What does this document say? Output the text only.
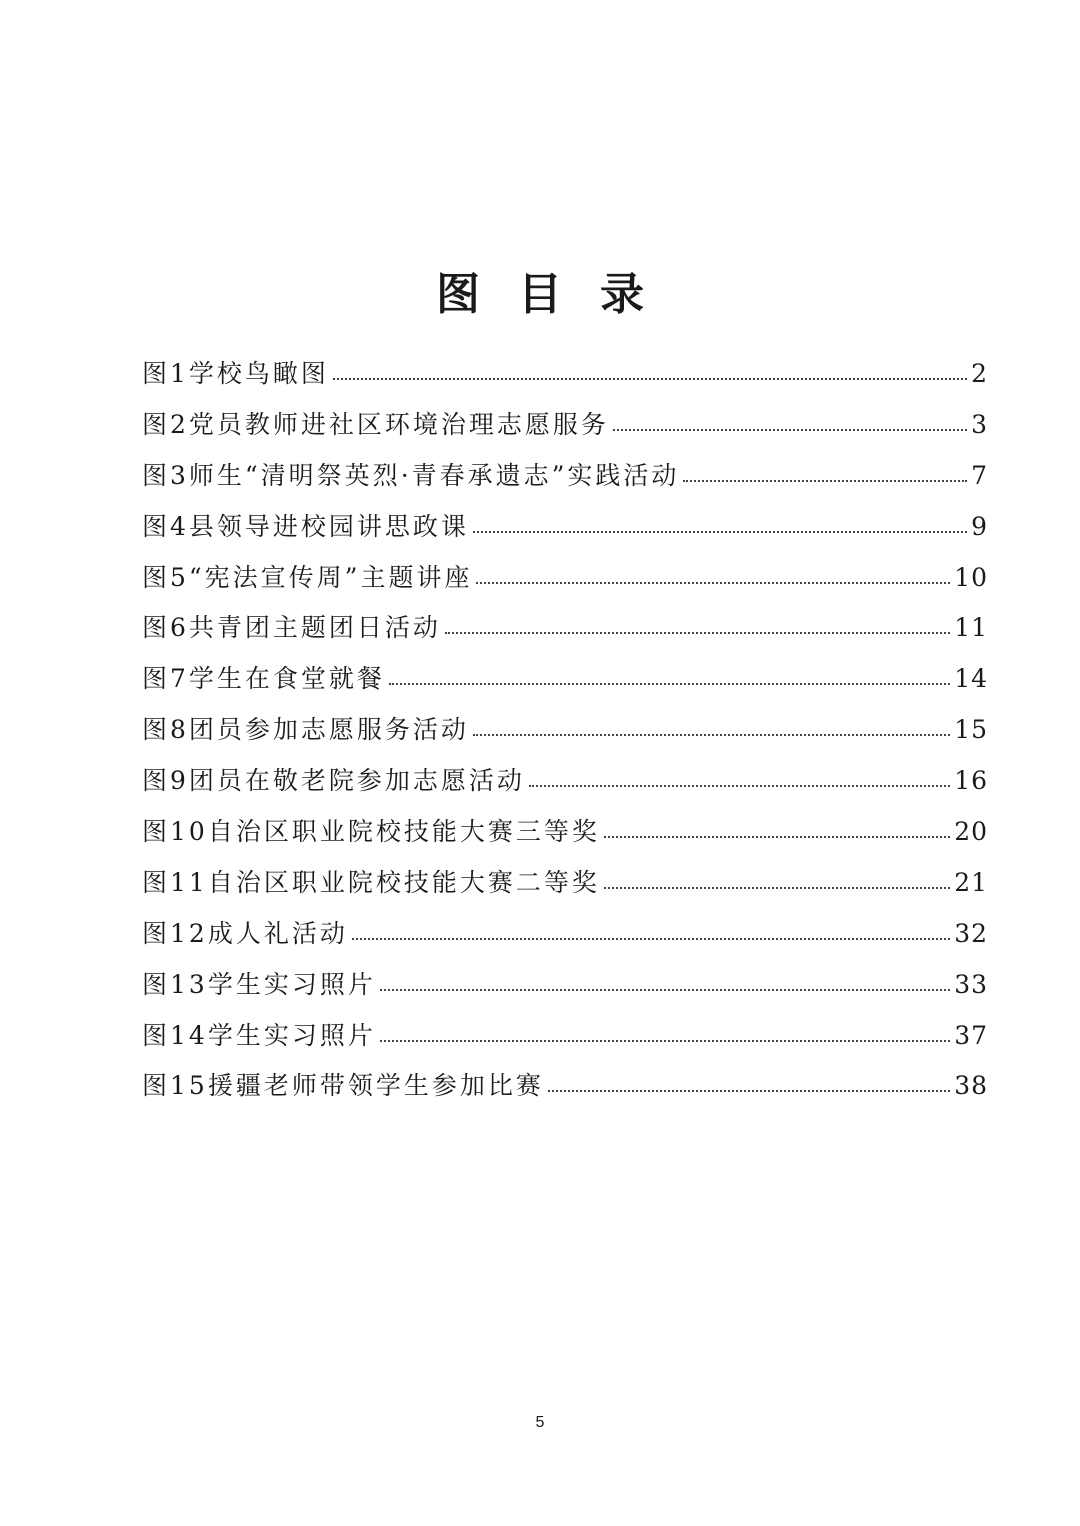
图目录
图1 学校鸟瞰图	2
图2 党员教师进社区环境治理志愿服务	3
图3 师生“清明祭英烈·青春承遗志”实践活动	7
图4 县领导进校园讲思政课	9
图5 “宪法宣传周”主题讲座	10
图6 共青团主题团日活动	11
图7 学生在食堂就餐	14
图8 团员参加志愿服务活动	15
图9 团员在敬老院参加志愿活动	16
图10 自治区职业院校技能大赛三等奖	20
图11 自治区职业院校技能大赛二等奖	21
图12 成人礼活动	32
图13 学生实习照片	33
图14 学生实习照片	37
图15 援疆老师带领学生参加比赛	38
5
